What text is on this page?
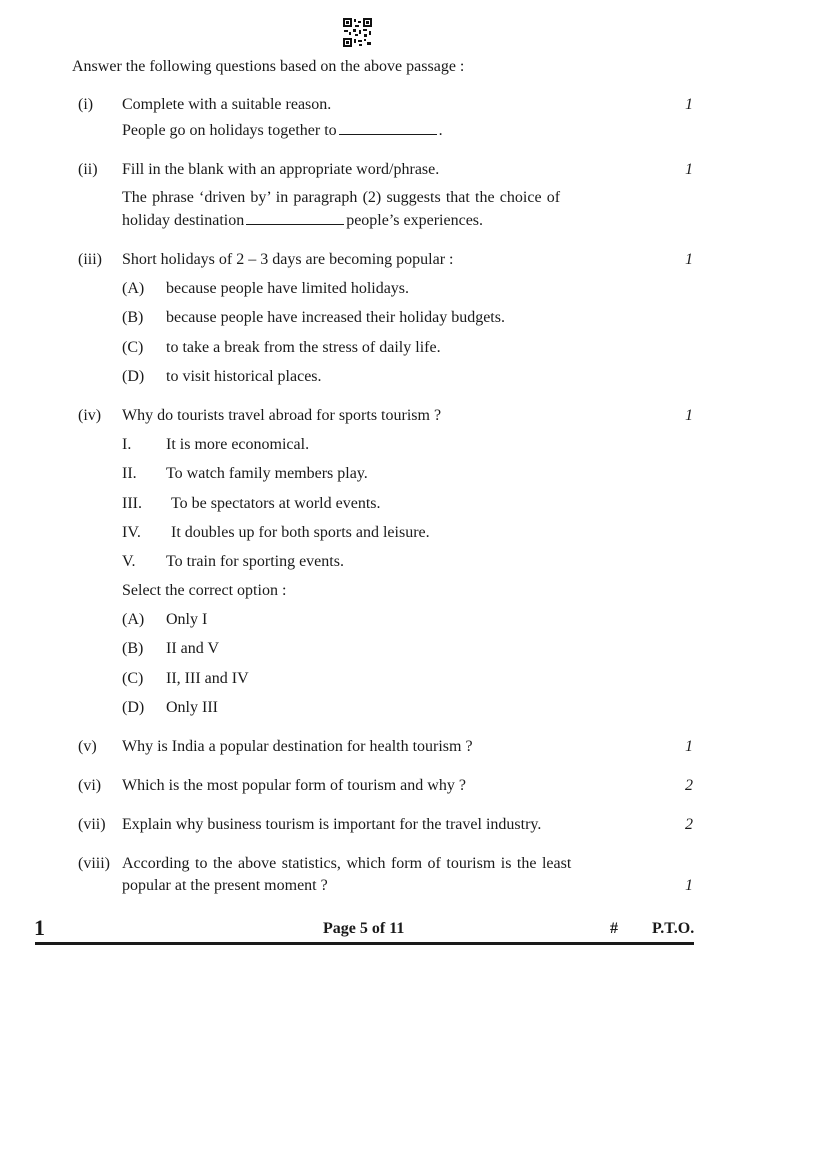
Answer the following questions based on the above passage :
(i) Complete with a suitable reason.
People go on holidays together to	.
1
(ii) Fill in the blank with an appropriate word/phrase.
The phrase ‘driven by’ in paragraph (2) suggests that the choice of
holiday destination	people’s experiences.
1
(iii) Short holidays of 2 – 3 days are becoming popular :	1
(A) because people have limited holidays.
(B) because people have increased their holiday budgets.
(C) to take a break from the stress of daily life.
(D) to visit historical places.
(iv) Why do tourists travel abroad for sports tourism ?	1
I. It is more economical.
II. To watch family members play.
III. To be spectators at world events.
IV. It doubles up for both sports and leisure.
V. To train for sporting events.
Select the correct option :
(A) Only I
(B) II and V
(C) II, III and IV
(D) Only III
(v) Why is India a popular destination for health tourism ?	1
(vi) Which is the most popular form of tourism and why ?	2
(vii) Explain why business tourism is important for the travel industry.	2
(viii) According to the above statistics, which form of tourism is the least
popular at the present moment ?	1
1	Page 5 of 11	# P.T.O.
